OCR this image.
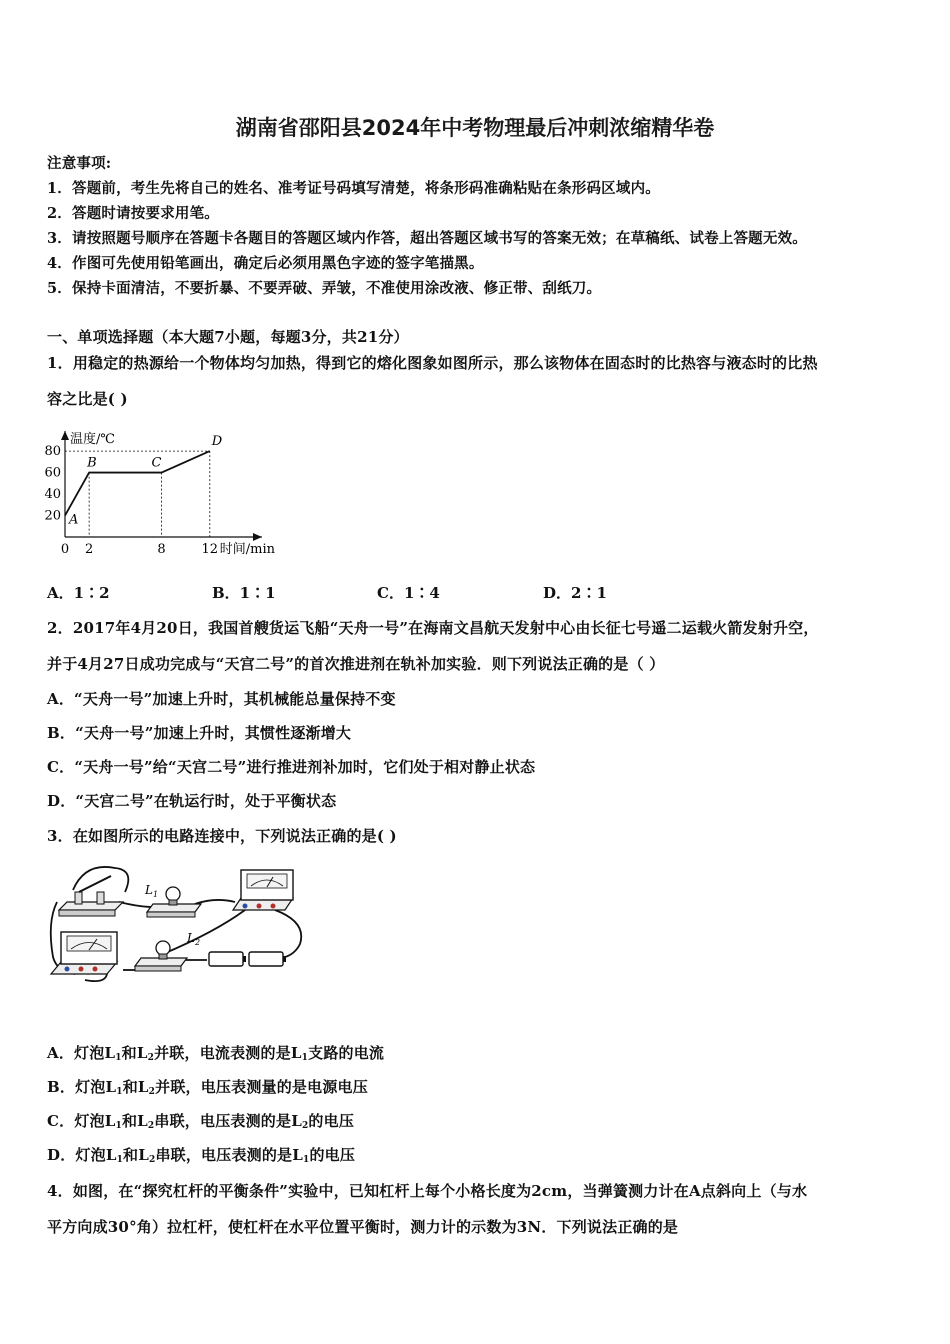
湖南省邵阳县2024年中考物理最后冲刺浓缩精华卷
注意事项:
1．答题前，考生先将自己的姓名、准考证号码填写清楚，将条形码准确粘贴在条形码区域内。
2．答题时请按要求用笔。
3．请按照题号顺序在答题卡各题目的答题区域内作答，超出答题区域书写的答案无效；在草稿纸、试卷上答题无效。
4．作图可先使用铅笔画出，确定后必须用黑色字迹的签字笔描黑。
5．保持卡面清洁，不要折暴、不要弄破、弄皱，不准使用涂改液、修正带、刮纸刀。
一、单项选择题（本大题7小题，每题3分，共21分）
1．用稳定的热源给一个物体均匀加热，得到它的熔化图象如图所示，那么该物体在固态时的比热容与液态时的比热
容之比是( )
温度/℃
时间/min
20
40
60
80
0 2	8	12
A
B	C
D
A．1∶2	B．1∶1	C．1∶4	D．2∶1
2．2017年4月20日，我国首艘货运飞船“天舟一号”在海南文昌航天发射中心由长征七号遥二运载火箭发射升空，
并于4月27日成功完成与“天宫二号”的首次推进剂在轨补加实验．则下列说法正确的是（ ）
A．“天舟一号”加速上升时，其机械能总量保持不变
B．“天舟一号”加速上升时，其惯性逐渐增大
C．“天舟一号”给“天宫二号”进行推进剂补加时，它们处于相对静止状态
D．“天宫二号”在轨运行时，处于平衡状态
3．在如图所示的电路连接中，下列说法正确的是( )
$L_1$
$L_2$
A．灯泡$L_1$和$L_2$并联，电流表测的是$L_1$支路的电流
B．灯泡$L_1$和$L_2$并联，电压表测量的是电源电压
C．灯泡$L_1$和$L_2$串联，电压表测的是$L_2$的电压
D．灯泡$L_1$和$L_2$串联，电压表测的是$L_1$的电压
4．如图，在“探究杠杆的平衡条件”实验中，已知杠杆上每个小格长度为2cm，当弹簧测力计在A点斜向上（与水
平方向成30°角）拉杠杆，使杠杆在水平位置平衡时，测力计的示数为3N．下列说法正确的是
